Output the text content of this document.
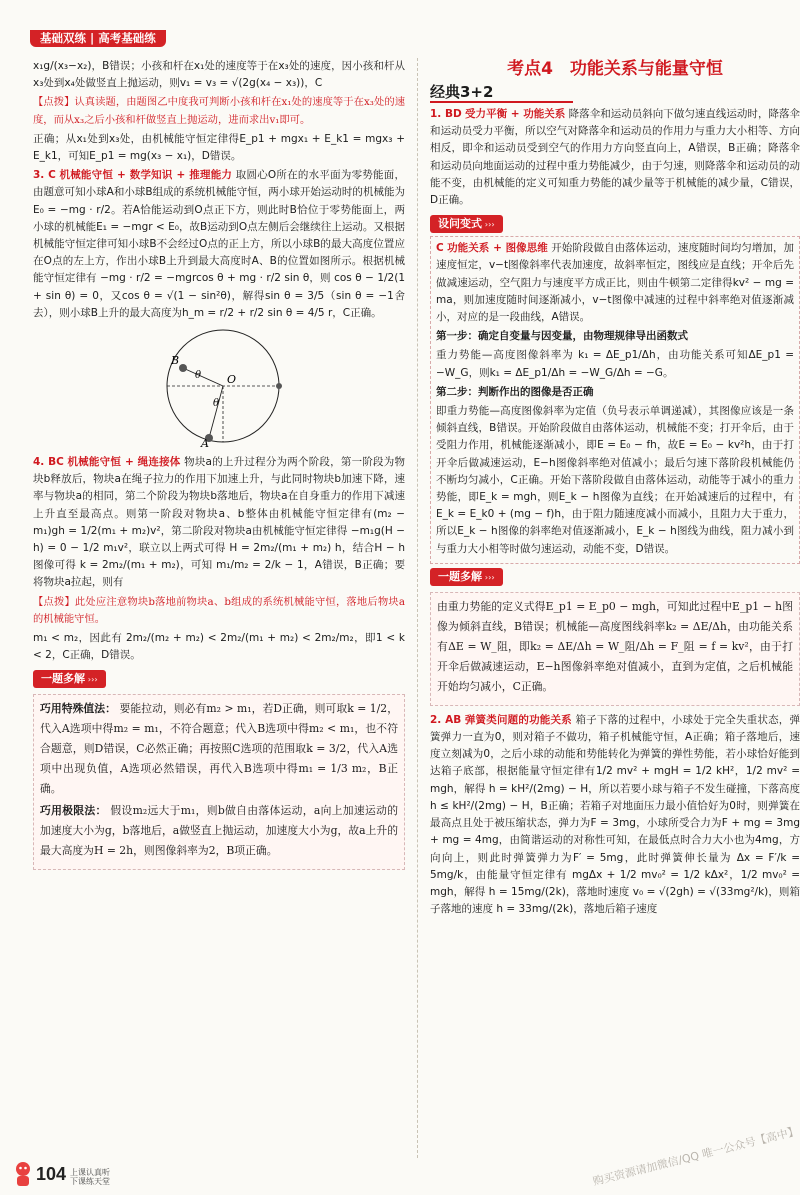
基础双练 | 高考基础练

x₁g/(x₃−x₂)，B错误；小孩和杆在x₁处的速度等于在x₃处的速度，因小孩和杆从x₃处到x₄处做竖直上抛运动，则v₁ = v₃ = √(2g(x₄ − x₃))，C

【点拨】认真读题，由题图乙中度我可判断小孩和杆在x₁处的速度等于在x₃处的速度，而从x₃之后小孩和杆做竖直上抛运动，进而求出v₁即可。

正确；从x₁处到x₃处，由机械能守恒定律得E_p1 + mgx₁ + E_k1 = mgx₃ + E_k1，可知E_p1 = mg(x₃ − x₁)，D错误。

3. C 机械能守恒 + 数学知识 + 推理能力 取圆心O所在的水平面为零势能面，由题意可知小球A和小球B组成的系统机械能守恒，两小球开始运动时的机械能为E₀ = −mg · r/2。若A恰能运动到O点正下方，则此时B恰位于零势能面上，两小球的机械能E₁ = −mgr < E₀，故B运动到O点左侧后会继续往上运动。又根据机械能守恒定律可知小球B不会经过O点的正上方，所以小球B的最大高度位置应在O点的左上方，作出小球B上升到最大高度时A、B的位置如图所示。根据机械能守恒定律有 −mg · r/2 = −mgrcos θ + mg · r/2 sin θ，则 cos θ − 1/2(1 + sin θ) = 0，又cos θ = √(1 − sin²θ)，解得sin θ = 3/5（sin θ = −1舍去），则小球B上升的最大高度为h_m = r/2 + r/2 sin θ = 4/5 r，C正确。

B
A
O
θ
θ

4. BC 机械能守恒 + 绳连接体 物块a的上升过程分为两个阶段，第一阶段为物块b释放后，物块a在绳子拉力的作用下加速上升，与此同时物块b加速下降，速率与物块a的相同，第二个阶段为物块b落地后，物块a在自身重力的作用下减速上升直至最高点。则第一阶段对物块a、b整体由机械能守恒定律有(m₂ − m₁)gh = 1/2(m₁ + m₂)v²，第二阶段对物块a由机械能守恒定律得 −m₁g(H − h) = 0 − 1/2 m₁v²，联立以上两式可得 H = 2m₂/(m₁ + m₂) h，结合H − h图像可得 k = 2m₂/(m₁ + m₂)，可知 m₁/m₂ = 2/k − 1，A错误，B正确；要将物块a拉起，则有

【点拨】此处应注意物块b落地前物块a、b组成的系统机械能守恒，落地后物块a的机械能守恒。

m₁ < m₂，因此有 2m₂/(m₂ + m₂) < 2m₂/(m₁ + m₂) < 2m₂/m₂，即1 < k < 2，C正确，D错误。

一题多解 ›››

巧用特殊值法： 要能拉动，则必有m₂ > m₁，若D正确，则可取k = 1/2，代入A选项中得m₂ = m₁，不符合题意；代入B选项中得m₂ < m₁，也不符合题意，则D错误，C必然正确；再按照C选项的范围取k = 3/2，代入A选项中出现负值，A选项必然错误，再代入B选项中得m₁ = 1/3 m₂，B正确。

巧用极限法： 假设m₂远大于m₁，则b做自由落体运动，a向上加速运动的加速度大小为g，b落地后，a做竖直上抛运动，加速度大小为g，故a上升的最大高度为H = 2h，则图像斜率为2，B项正确。

考点4　功能关系与能量守恒
经典3+2

1. BD 受力平衡 + 功能关系 降落伞和运动员斜向下做匀速直线运动时，降落伞和运动员受力平衡，所以空气对降落伞和运动员的作用力与重力大小相等、方向相反，即伞和运动员受到空气的作用力方向竖直向上，A错误，B正确；降落伞和运动员向地面运动的过程中重力势能减少，由于匀速，则降落伞和运动员的动能不变，由机械能的定义可知重力势能的减少量等于机械能的减少量，C错误，D正确。

设问变式 ›››

C 功能关系 + 图像思维 开始阶段做自由落体运动，速度随时间均匀增加，加速度恒定，v−t图像斜率代表加速度，故斜率恒定，图线应是直线；开伞后先做减速运动，空气阻力与速度平方成正比，则由牛顿第二定律得kv² − mg = ma，则加速度随时间逐渐减小，v−t图像中减速的过程中斜率绝对值逐渐减小，对应的是一段曲线，A错误。

第一步：确定自变量与因变量，由物理规律导出函数式

重力势能—高度图像斜率为 k₁ = ΔE_p1/Δh，由功能关系可知ΔE_p1 = −W_G，则k₁ = ΔE_p1/Δh = −W_G/Δh = −G。

第二步：判断作出的图像是否正确

即重力势能—高度图像斜率为定值（负号表示单调递减），其图像应该是一条倾斜直线，B错误。开始阶段做自由落体运动，机械能不变；打开伞后，由于受阻力作用，机械能逐渐减小，即E = E₀ − fh，故E = E₀ − kv²h，由于打开伞后做减速运动，E−h图像斜率绝对值减小；最后匀速下落阶段机械能仍不断均匀减小，C正确。开始下落阶段做自由落体运动，动能等于减小的重力势能，即E_k = mgh，则E_k − h图像为直线；在开始减速后的过程中，有E_k = E_k0 + (mg − f)h，由于阻力随速度减小而减小，且阻力大于重力，所以E_k − h图像的斜率绝对值逐渐减小，E_k − h图线为曲线，阻力减小到与重力大小相等时做匀速运动，动能不变，D错误。

一题多解 ›››

由重力势能的定义式得E_p1 = E_p0 − mgh，可知此过程中E_p1 − h图像为倾斜直线，B错误；机械能—高度图线斜率k₂ = ΔE/Δh，由功能关系有ΔE = W_阻，即k₂ = ΔE/Δh = W_阻/Δh = F_阻 = f = kv²，由于打开伞后做减速运动，E−h图像斜率绝对值减小，直到为定值，之后机械能开始均匀减小，C正确。

2. AB 弹簧类问题的功能关系 箱子下落的过程中，小球处于完全失重状态，弹簧弹力一直为0，则对箱子不做功，箱子机械能守恒，A正确；箱子落地后，速度立刻减为0，之后小球的动能和势能转化为弹簧的弹性势能，若小球恰好能到达箱子底部，根据能量守恒定律有1/2 mv² + mgH = 1/2 kH²，1/2 mv² = mgh，解得 h = kH²/(2mg) − H，所以若要小球与箱子不发生碰撞，下落高度 h ≤ kH²/(2mg) − H，B正确；若箱子对地面压力最小值恰好为0时，则弹簧在最高点且处于被压缩状态，弹力为F = 3mg，小球所受合力为F + mg = 3mg + mg = 4mg，由简谐运动的对称性可知，在最低点时合力大小也为4mg，方向向上，则此时弹簧弹力为F′ = 5mg，此时弹簧伸长量为 Δx = F′/k = 5mg/k，由能量守恒定律有 mgΔx + 1/2 mv₀² = 1/2 kΔx²，1/2 mv₀² = mgh，解得 h = 15mg/(2k)，落地时速度 v₀ = √(2gh) = √(33mg²/k)，则箱子落地的速度 h = 33mg/(2k)，落地后箱子速度

104 上课认真听
下课练天堂	购买资源请加微信/QQ 唯一公众号【高中】
